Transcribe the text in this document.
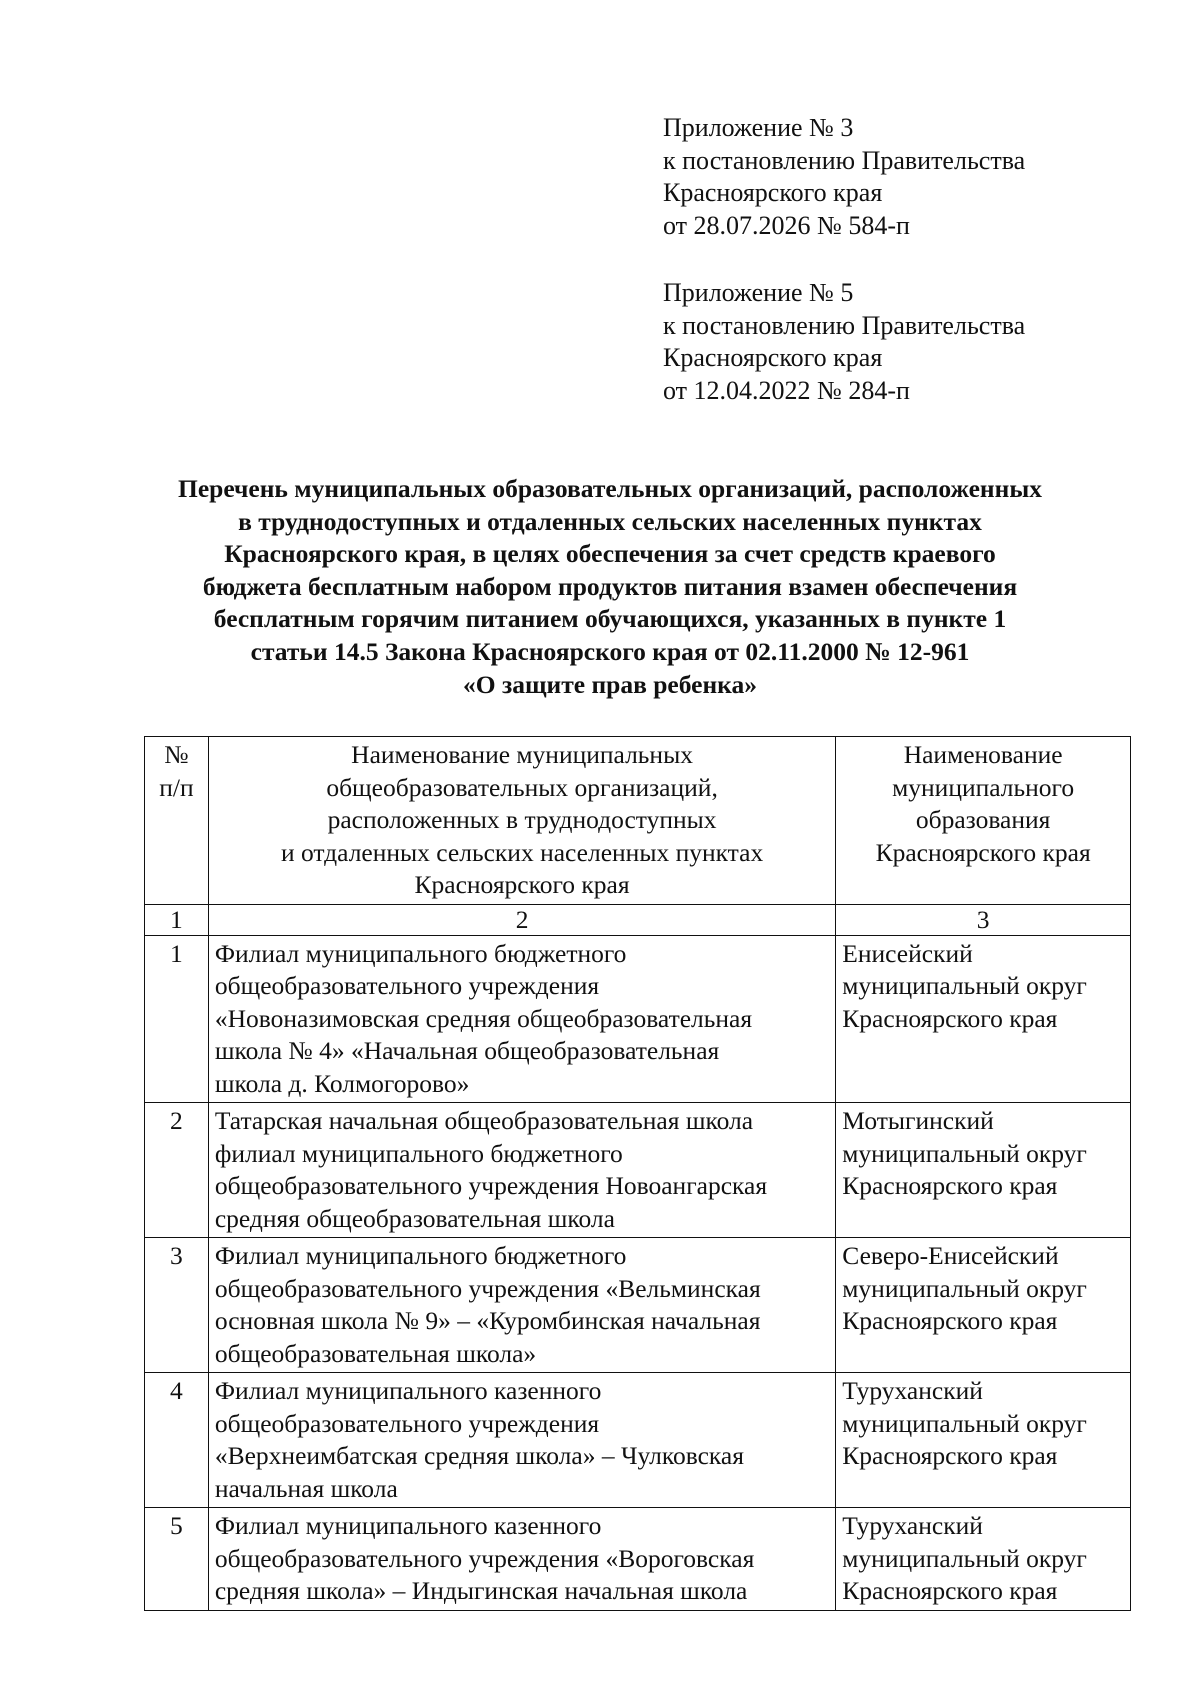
Приложение № 3
к постановлению Правительства
Красноярского края
от 28.07.2026 № 584-п
Приложение № 5
к постановлению Правительства
Красноярского края
от 12.04.2022 № 284-п
Перечень муниципальных образовательных организаций, расположенных
в труднодоступных и отдаленных сельских населенных пунктах
Красноярского края, в целях обеспечения за счет средств краевого
бюджета бесплатным набором продуктов питания взамен обеспечения
бесплатным горячим питанием обучающихся, указанных в пункте 1
статьи 14.5 Закона Красноярского края от 02.11.2000 № 12-961
«О защите прав ребенка»
№
п/п	Наименование муниципальных
общеобразовательных организаций,
расположенных в труднодоступных
и отдаленных сельских населенных пунктах
Красноярского края	Наименование
муниципального
образования
Красноярского края

1	2	3
1	Филиал муниципального бюджетного
общеобразовательного учреждения
«Новоназимовская средняя общеобразовательная
школа № 4» «Начальная общеобразовательная
школа д. Колмогорово»	Енисейский
муниципальный округ
Красноярского края

2	Татарская начальная общеобразовательная школа
филиал муниципального бюджетного
общеобразовательного учреждения Новоангарская
средняя общеобразовательная школа	Мотыгинский
муниципальный округ
Красноярского края

3	Филиал муниципального бюджетного
общеобразовательного учреждения «Вельминская
основная школа № 9» – «Куромбинская начальная
общеобразовательная школа»	Северо-Енисейский
муниципальный округ
Красноярского края

4	Филиал муниципального казенного
общеобразовательного учреждения
«Верхнеимбатская средняя школа» – Чулковская
начальная школа	Туруханский
муниципальный округ
Красноярского края

5	Филиал муниципального казенного
общеобразовательного учреждения «Вороговская
средняя школа» – Индыгинская начальная школа	Туруханский
муниципальный округ
Красноярского края
